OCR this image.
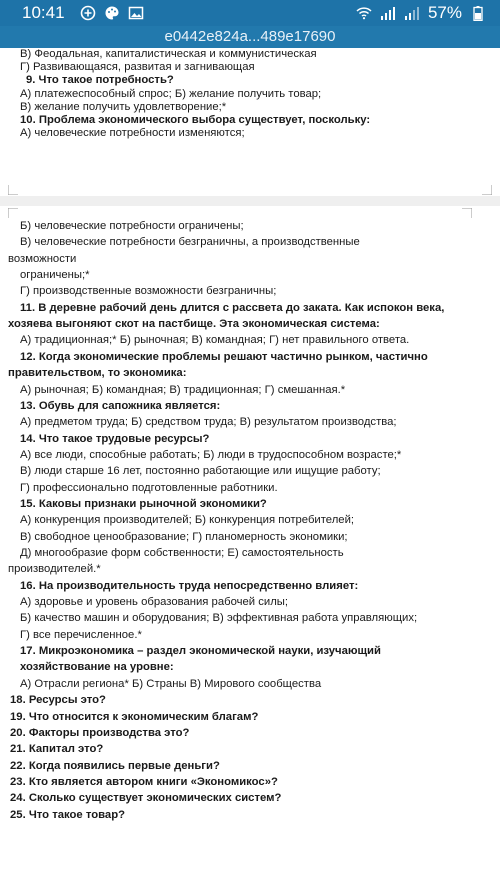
10:41	57%
e0442e824a...489e17690
В) Феодальная, капиталистическая и коммунистическая
Г) Развивающаяся, развитая и загнивающая
9. Что такое потребность?
А) платежеспособный спрос; Б) желание получить товар;
В) желание получить удовлетворение;*
10. Проблема экономического выбора существует, поскольку:
А) человеческие потребности изменяются;
Б) человеческие потребности ограничены;
В) человеческие потребности безграничны, а производственные
возможности
ограничены;*
Г) производственные возможности безграничны;
11. В деревне рабочий день длится с рассвета до заката. Как испокон века,
хозяева выгоняют скот на пастбище. Эта экономическая система:
А) традиционная;* Б) рыночная; В) командная; Г) нет правильного ответа.
12. Когда экономические проблемы решают частично рынком, частично
правительством, то экономика:
А) рыночная; Б) командная; В) традиционная; Г) смешанная.*
13. Обувь для сапожника является:
А) предметом труда; Б) средством труда; В) результатом производства;
14. Что такое трудовые ресурсы?
А) все люди, способные работать; Б) люди в трудоспособном возрасте;*
В) люди старше 16 лет, постоянно работающие или ищущие работу;
Г) профессионально подготовленные работники.
15. Каковы признаки рыночной экономики?
А) конкуренция производителей; Б) конкуренция потребителей;
В) свободное ценообразование; Г) планомерность экономики;
Д) многообразие форм собственности; Е) самостоятельность
производителей.*
16. На производительность труда непосредственно влияет:
А) здоровье и уровень образования рабочей силы;
Б) качество машин и оборудования; В) эффективная работа управляющих;
Г) все перечисленное.*
17. Микроэкономика – раздел экономической науки, изучающий
хозяйствование на уровне:
А) Отрасли региона* Б) Страны В) Мирового сообщества
18. Ресурсы это?
19. Что относится к экономическим благам?
20. Факторы производства это?
21. Капитал это?
22. Когда появились первые деньги?
23. Кто является автором книги «Экономикос»?
24. Сколько существует экономических систем?
25. Что такое товар?
